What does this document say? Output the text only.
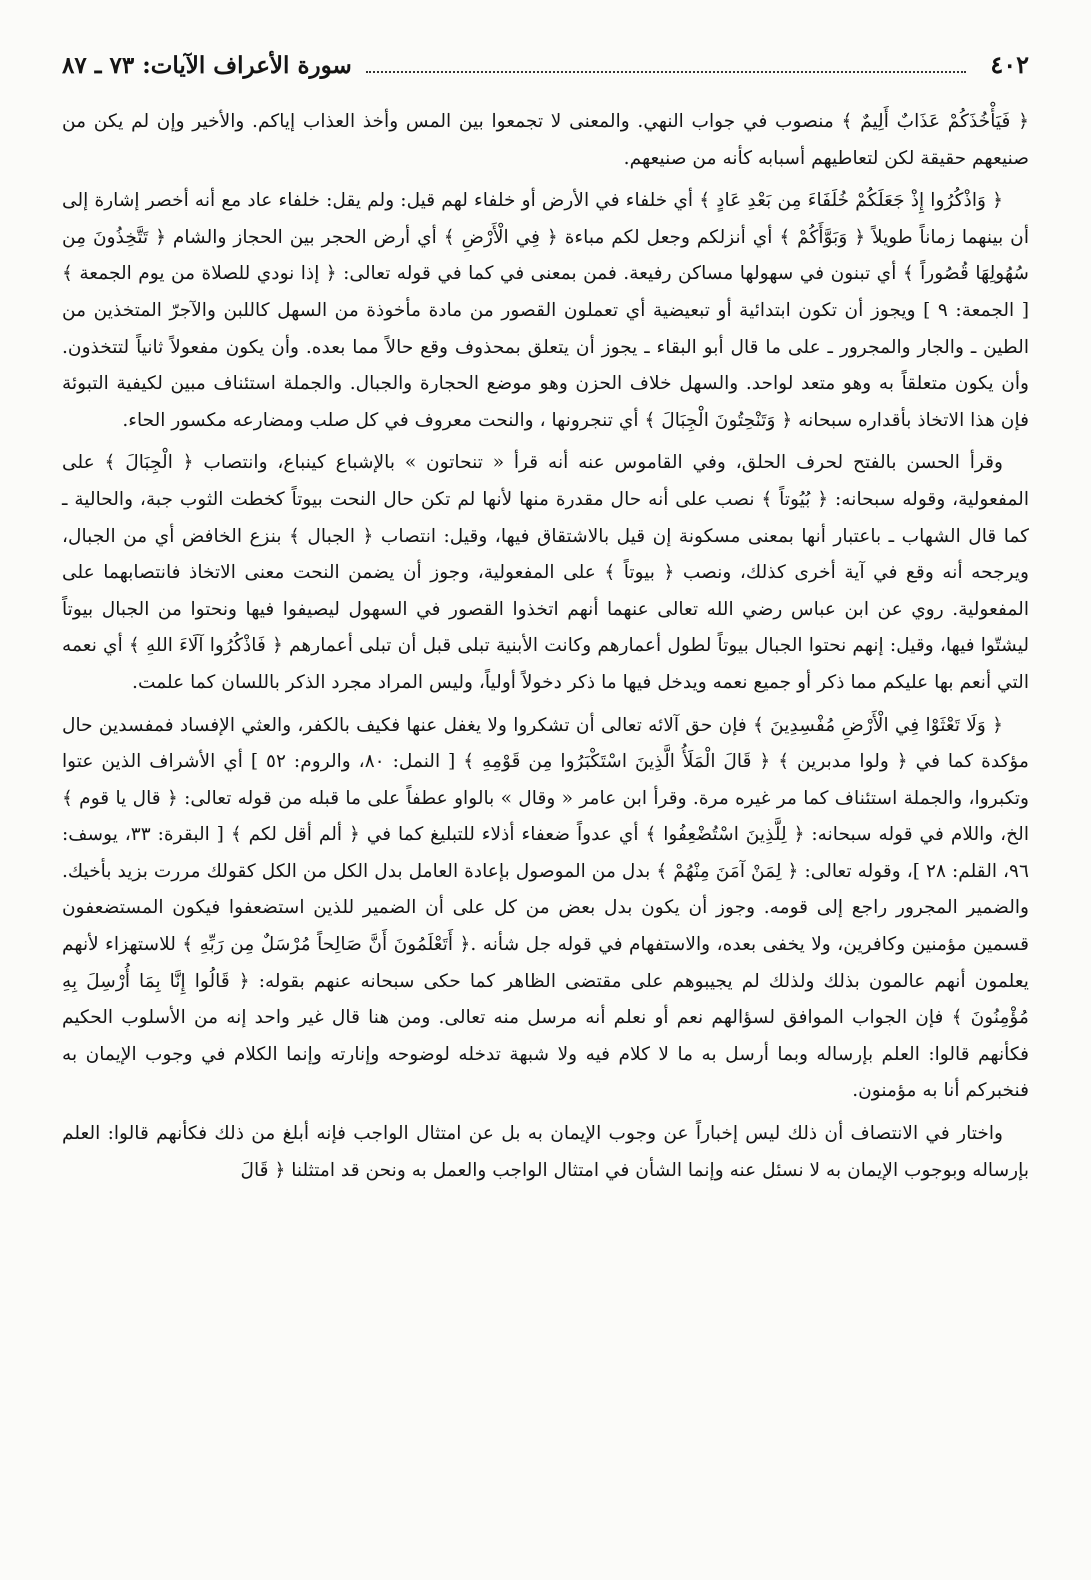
٤٠٢
سورة الأعراف الآيات: ٧٣ ـ ٨٧

﴿ فَيَأْخُذَكُمْ عَذَابٌ أَلِيمٌ ﴾ منصوب في جواب النهي. والمعنى لا تجمعوا بين المس وأخذ العذاب إياكم. والأخير وإن لم يكن من صنيعهم حقيقة لكن لتعاطيهم أسبابه كأنه من صنيعهم.

﴿ وَاذْكُرُوا إِذْ جَعَلَكُمْ خُلَفَاءَ مِن بَعْدِ عَادٍ ﴾ أي خلفاء في الأرض أو خلفاء لهم قيل: ولم يقل: خلفاء عاد مع أنه أخصر إشارة إلى أن بينهما زماناً طويلاً ﴿ وَبَوَّأَكُمْ ﴾ أي أنزلكم وجعل لكم مباءة ﴿ فِي الْأَرْضِ ﴾ أي أرض الحجر بين الحجاز والشام ﴿ تَتَّخِذُونَ مِن سُهُولِهَا قُصُوراً ﴾ أي تبنون في سهولها مساكن رفيعة. فمن بمعنى في كما في قوله تعالى: ﴿ إذا نودي للصلاة من يوم الجمعة ﴾ [ الجمعة: ٩ ] ويجوز أن تكون ابتدائية أو تبعيضية أي تعملون القصور من مادة مأخوذة من السهل كاللبن والآجرّ المتخذين من الطين ـ والجار والمجرور ـ على ما قال أبو البقاء ـ يجوز أن يتعلق بمحذوف وقع حالاً مما بعده. وأن يكون مفعولاً ثانياً لتتخذون. وأن يكون متعلقاً به وهو متعد لواحد. والسهل خلاف الحزن وهو موضع الحجارة والجبال. والجملة استئناف مبين لكيفية التبوئة فإن هذا الاتخاذ بأقداره سبحانه ﴿ وَتَنْحِتُونَ الْجِبَالَ ﴾ أي تنجرونها ، والنحت معروف في كل صلب ومضارعه مكسور الحاء.

وقرأ الحسن بالفتح لحرف الحلق، وفي القاموس عنه أنه قرأ « تنحاتون » بالإشباع كينباع، وانتصاب ﴿ الْجِبَالَ ﴾ على المفعولية، وقوله سبحانه: ﴿ بُيُوتاً ﴾ نصب على أنه حال مقدرة منها لأنها لم تكن حال النحت بيوتاً كخطت الثوب جبة، والحالية ـ كما قال الشهاب ـ باعتبار أنها بمعنى مسكونة إن قيل بالاشتقاق فيها، وقيل: انتصاب ﴿ الجبال ﴾ بنزع الخافض أي من الجبال، ويرجحه أنه وقع في آية أخرى كذلك، ونصب ﴿ بيوتاً ﴾ على المفعولية، وجوز أن يضمن النحت معنى الاتخاذ فانتصابهما على المفعولية. روي عن ابن عباس رضي الله تعالى عنهما أنهم اتخذوا القصور في السهول ليصيفوا فيها ونحتوا من الجبال بيوتاً ليشتّوا فيها، وقيل: إنهم نحتوا الجبال بيوتاً لطول أعمارهم وكانت الأبنية تبلى قبل أن تبلى أعمارهم ﴿ فَاذْكُرُوا آلَاءَ اللهِ ﴾ أي نعمه التي أنعم بها عليكم مما ذكر أو جميع نعمه ويدخل فيها ما ذكر دخولاً أولياً، وليس المراد مجرد الذكر باللسان كما علمت.

﴿ وَلَا تَعْثَوْا فِي الْأَرْضِ مُفْسِدِينَ ﴾ فإن حق آلائه تعالى أن تشكروا ولا يغفل عنها فكيف بالكفر، والعثي الإفساد فمفسدين حال مؤكدة كما في ﴿ ولوا مدبرين ﴾ ﴿ قَالَ الْمَلَأُ الَّذِينَ اسْتَكْبَرُوا مِن قَوْمِهِ ﴾ [ النمل: ٨٠، والروم: ٥٢ ] أي الأشراف الذين عتوا وتكبروا، والجملة استئناف كما مر غيره مرة. وقرأ ابن عامر « وقال » بالواو عطفاً على ما قبله من قوله تعالى: ﴿ قال يا قوم ﴾ الخ، واللام في قوله سبحانه: ﴿ لِلَّذِينَ اسْتُضْعِفُوا ﴾ أي عدواً ضعفاء أذلاء للتبليغ كما في ﴿ ألم أقل لكم ﴾ [ البقرة: ٣٣، يوسف: ٩٦، القلم: ٢٨ ]، وقوله تعالى: ﴿ لِمَنْ آمَنَ مِنْهُمْ ﴾ بدل من الموصول بإعادة العامل بدل الكل من الكل كقولك مررت بزيد بأخيك. والضمير المجرور راجع إلى قومه. وجوز أن يكون بدل بعض من كل على أن الضمير للذين استضعفوا فيكون المستضعفون قسمين مؤمنين وكافرين، ولا يخفى بعده، والاستفهام في قوله جل شأنه .﴿ أَتَعْلَمُونَ أَنَّ صَالِحاً مُرْسَلٌ مِن رَبِّهِ ﴾ للاستهزاء لأنهم يعلمون أنهم عالمون بذلك ولذلك لم يجيبوهم على مقتضى الظاهر كما حكى سبحانه عنهم بقوله: ﴿ قَالُوا إِنَّا بِمَا أُرْسِلَ بِهِ مُؤْمِنُونَ ﴾ فإن الجواب الموافق لسؤالهم نعم أو نعلم أنه مرسل منه تعالى. ومن هنا قال غير واحد إنه من الأسلوب الحكيم فكأنهم قالوا: العلم بإرساله وبما أرسل به ما لا كلام فيه ولا شبهة تدخله لوضوحه وإنارته وإنما الكلام في وجوب الإيمان به فنخبركم أنا به مؤمنون.

واختار في الانتصاف أن ذلك ليس إخباراً عن وجوب الإيمان به بل عن امتثال الواجب فإنه أبلغ من ذلك فكأنهم قالوا: العلم بإرساله وبوجوب الإيمان به لا نسئل عنه وإنما الشأن في امتثال الواجب والعمل به ونحن قد امتثلنا ﴿ قَالَ
